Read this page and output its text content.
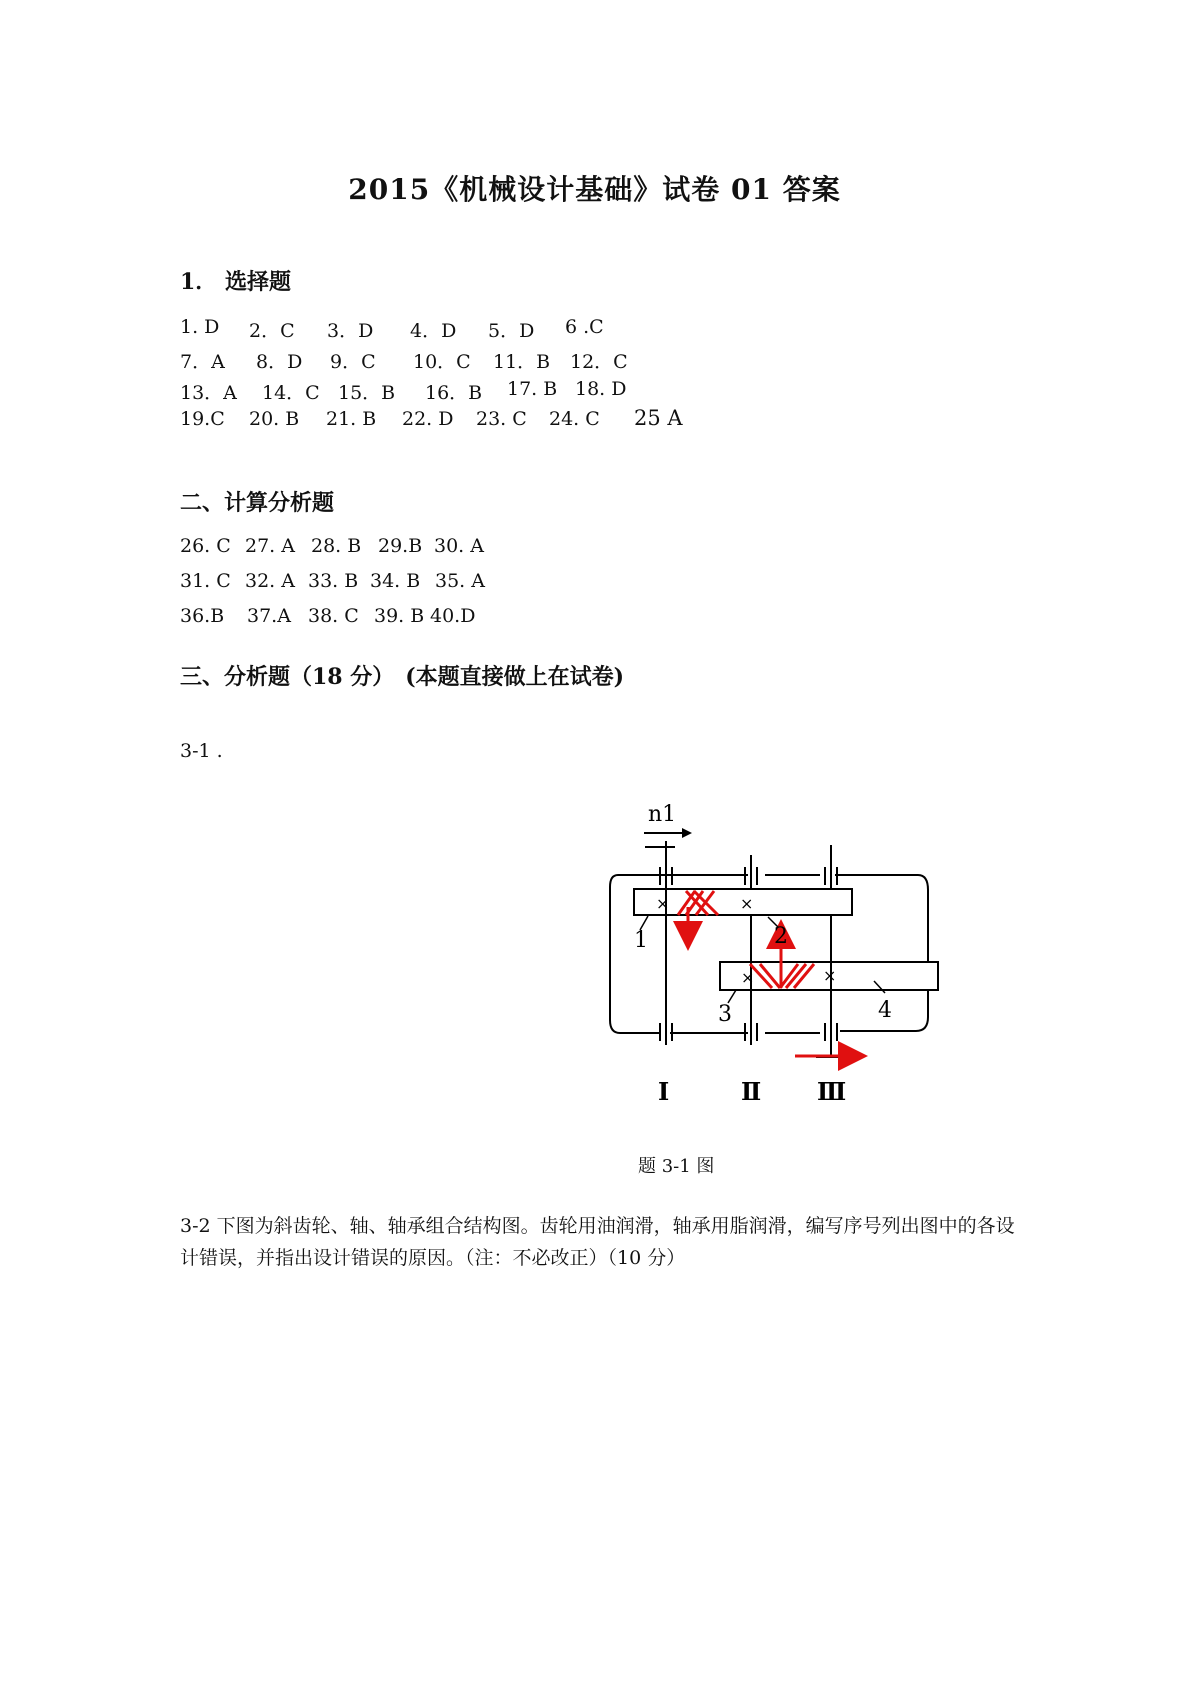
2015《机械设计基础》试卷 01 答案
1． 选择题
1. D 2．C 3．D 4．D 5．D 6 .C
7．A 8．D 9．C 10．C 11．B 12．C
13．A 14．C 15．B 16．B 17. B 18. D
19.C 20. B 21. B 22. D 23. C 24. C 25 A
二、计算分析题
26. C 27. A 28. B 29.B 30. A
31. C 32. A 33. B 34. B 35. A
36.B 37.A 38. C 39. B 40.D
三、分析题（18 分）　(本题直接做上在试卷)
3-1 .
n1
×	×
×	×
1	2
3	4
Ⅰ	Ⅱ Ⅲ
题 3-1 图
3-2 下图为斜齿轮、轴、轴承组合结构图。齿轮用油润滑，轴承用脂润滑，编写序号列出图中的各设计错误，并指出设计错误的原因。（注：不必改正）（10 分）
